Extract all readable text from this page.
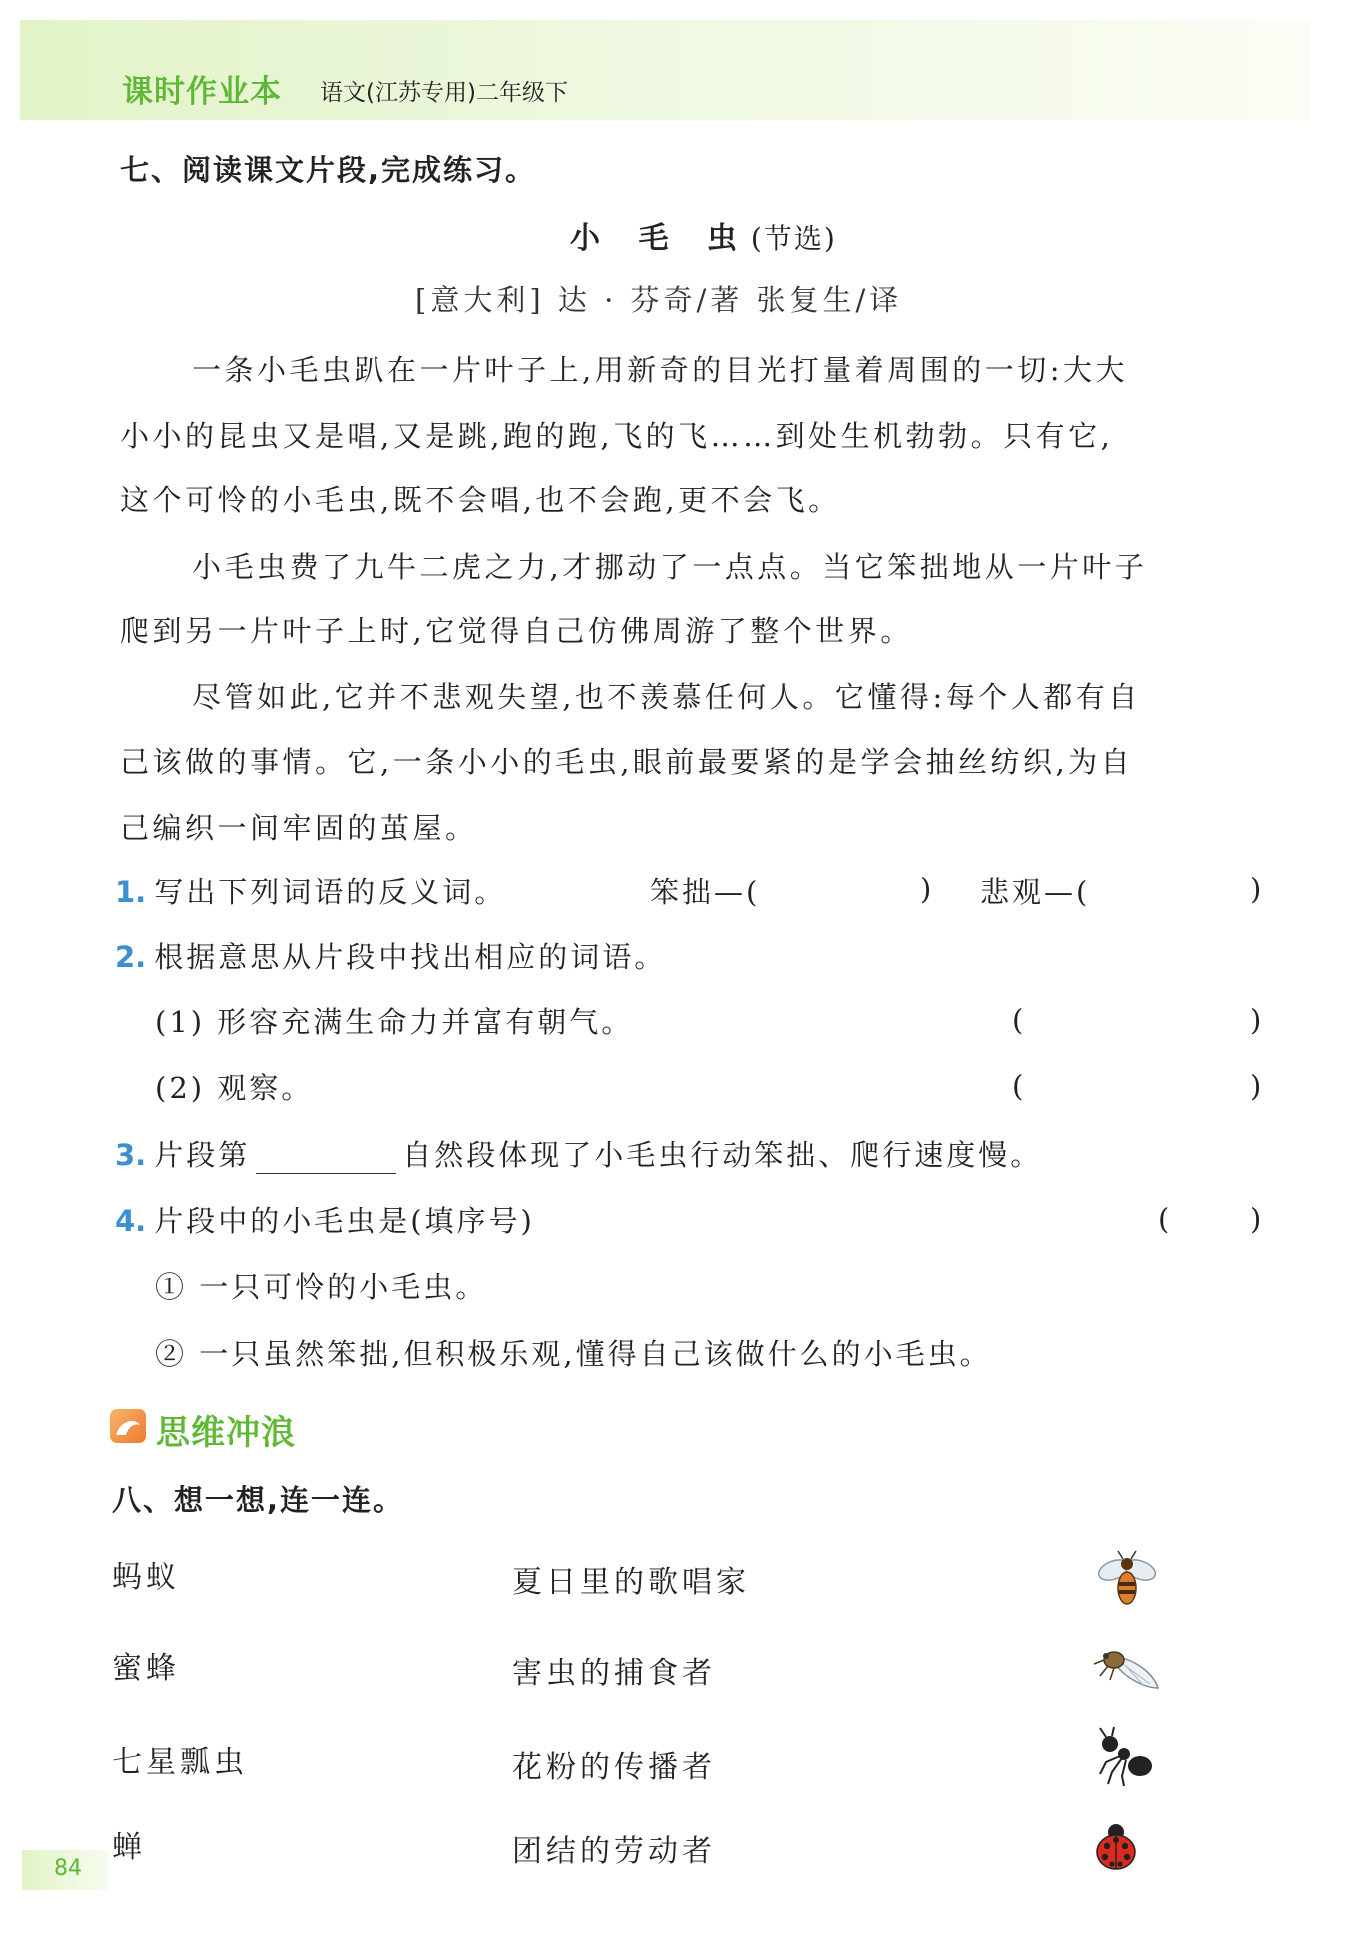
课时作业本 语文(江苏专用)二年级下
七、阅读课文片段,完成练习。
小 毛 虫(节选)
[意大利] 达 · 芬奇/著 张复生/译
一条小毛虫趴在一片叶子上,用新奇的目光打量着周围的一切:大大
小小的昆虫又是唱,又是跳,跑的跑,飞的飞……到处生机勃勃。只有它,
这个可怜的小毛虫,既不会唱,也不会跑,更不会飞。
小毛虫费了九牛二虎之力,才挪动了一点点。当它笨拙地从一片叶子
爬到另一片叶子上时,它觉得自己仿佛周游了整个世界。
尽管如此,它并不悲观失望,也不羡慕任何人。它懂得:每个人都有自
己该做的事情。它,一条小小的毛虫,眼前最要紧的是学会抽丝纺织,为自
己编织一间牢固的茧屋。
1. 写出下列词语的反义词。	笨拙—(	) 悲观—(	)
2. 根据意思从片段中找出相应的词语。
(1) 形容充满生命力并富有朝气。	(	)
(2) 观察。	(	)
3. 片段第	自然段体现了小毛虫行动笨拙、爬行速度慢。
4. 片段中的小毛虫是(填序号)	(	)
① 一只可怜的小毛虫。
② 一只虽然笨拙,但积极乐观,懂得自己该做什么的小毛虫。
思维冲浪
八、想一想,连一连。
蚂蚁
蜜蜂
七星瓢虫
蝉
夏日里的歌唱家
害虫的捕食者
花粉的传播者
团结的劳动者
84
